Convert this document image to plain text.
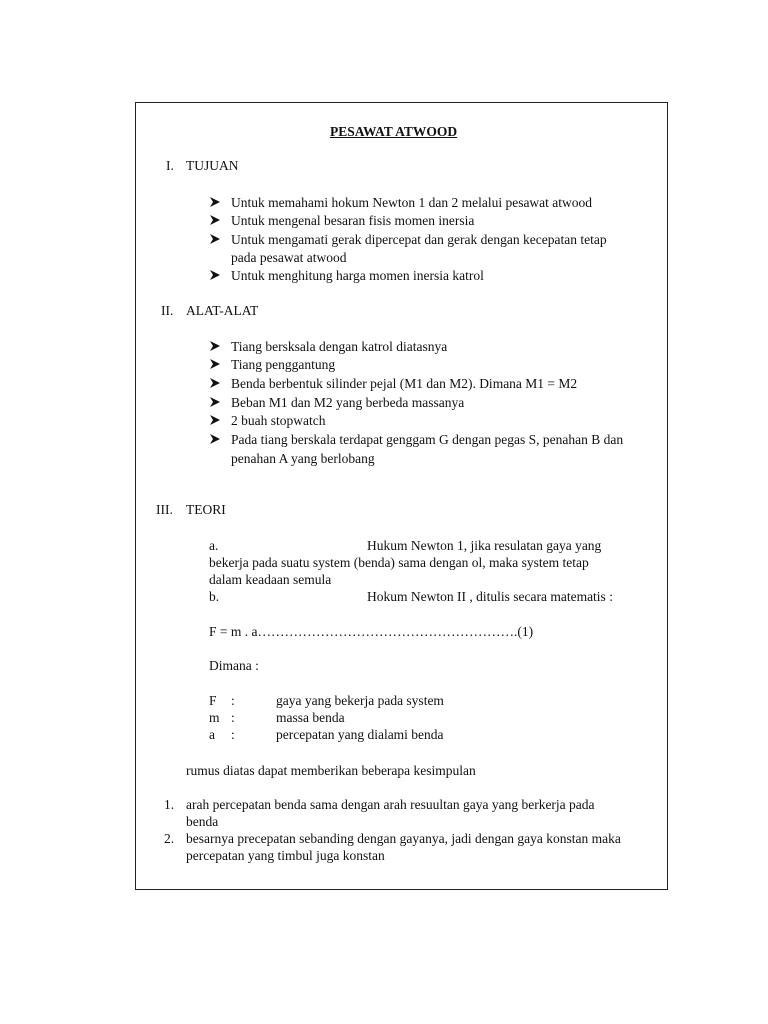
PESAWAT ATWOOD
I. TUJUAN
Untuk memahami hokum Newton 1 dan 2 melalui pesawat atwood
Untuk mengenal besaran fisis momen inersia
Untuk mengamati gerak dipercepat dan gerak dengan kecepatan tetap
pada pesawat atwood
Untuk menghitung harga momen inersia katrol
II. ALAT-ALAT
Tiang bersksala dengan katrol diatasnya
Tiang penggantung
Benda berbentuk silinder pejal (M1 dan M2). Dimana M1 = M2
Beban M1 dan M2 yang berbeda massanya
2 buah stopwatch
Pada tiang berskala terdapat genggam G dengan pegas S, penahan B dan
penahan A yang berlobang
III. TEORI
a.	Hukum Newton 1, jika resulatan gaya yang
bekerja pada suatu system (benda) sama dengan ol, maka system tetap
dalam keadaan semula
b.	Hokum Newton II , ditulis secara matematis :
F = m . a………………………………………………….(1)
Dimana :
F :	gaya yang bekerja pada system
m :	massa benda
a :	percepatan yang dialami benda
rumus diatas dapat memberikan beberapa kesimpulan
1. arah percepatan benda sama dengan arah resuultan gaya yang berkerja pada
benda
2. besarnya precepatan sebanding dengan gayanya, jadi dengan gaya konstan maka
percepatan yang timbul juga konstan
